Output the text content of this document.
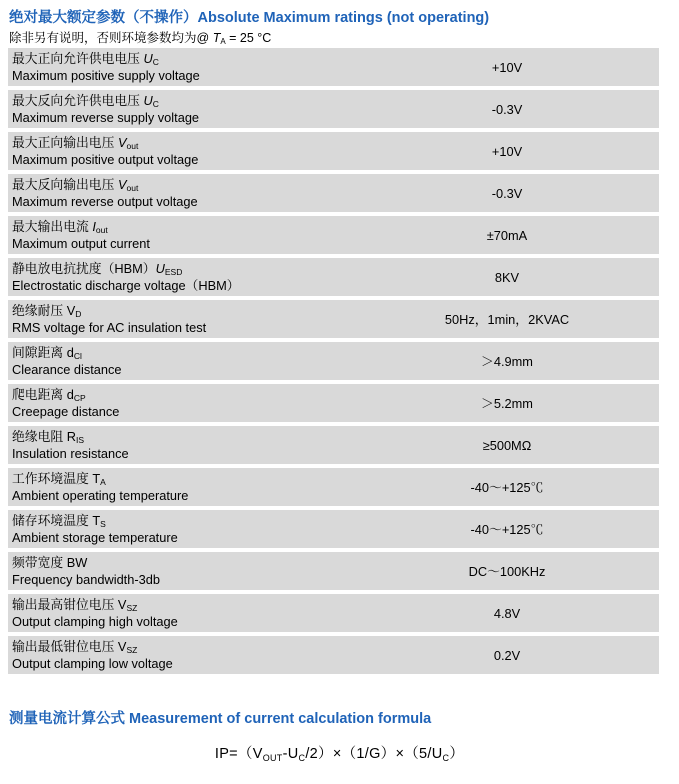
绝对最大额定参数（不操作）Absolute Maximum ratings (not operating)
除非另有说明，否则环境参数均为@ $T_A = 25$ °C
最大正向允许供电电压 $U_C$
Maximum positive supply voltage	+10V
最大反向允许供电电压 $U_C$
Maximum reverse supply voltage	-0.3V
最大正向输出电压 $V_{out}$
Maximum positive output voltage	+10V
最大反向输出电压 $V_{out}$
Maximum reverse output voltage	-0.3V
最大输出电流 $I_{out}$
Maximum output current	±70mA
静电放电抗扰度$(HBM)U_{ESD}$
Electrostatic discharge voltage（HBM）	8KV
绝缘耐压 $V_D$
RMS voltage for AC insulation test	50Hz，1min，2KVAC
间隙距离 $d_{Cl}$
Clearance distance	＞4.9mm
爬电距离 $d_{CP}$
Creepage distance	＞5.2mm
绝缘电阻 $R_{IS}$
Insulation resistance	≥500MΩ
工作环境温度 $T_A$
Ambient operating temperature	-40～+125℃
储存环境温度 $T_S$
Ambient storage temperature	-40～+125℃
频带宽度 BW
Frequency bandwidth-3db	DC～100KHz
输出最高钳位电压 $V_{SZ}$
Output clamping high voltage	4.8V
输出最低钳位电压 $V_{SZ}$
Output clamping low voltage	0.2V
测量电流计算公式 Measurement of current calculation formula
$IP=(V_{OUT}-U_C/2)\times(1/G)\times(5/U_C)$
